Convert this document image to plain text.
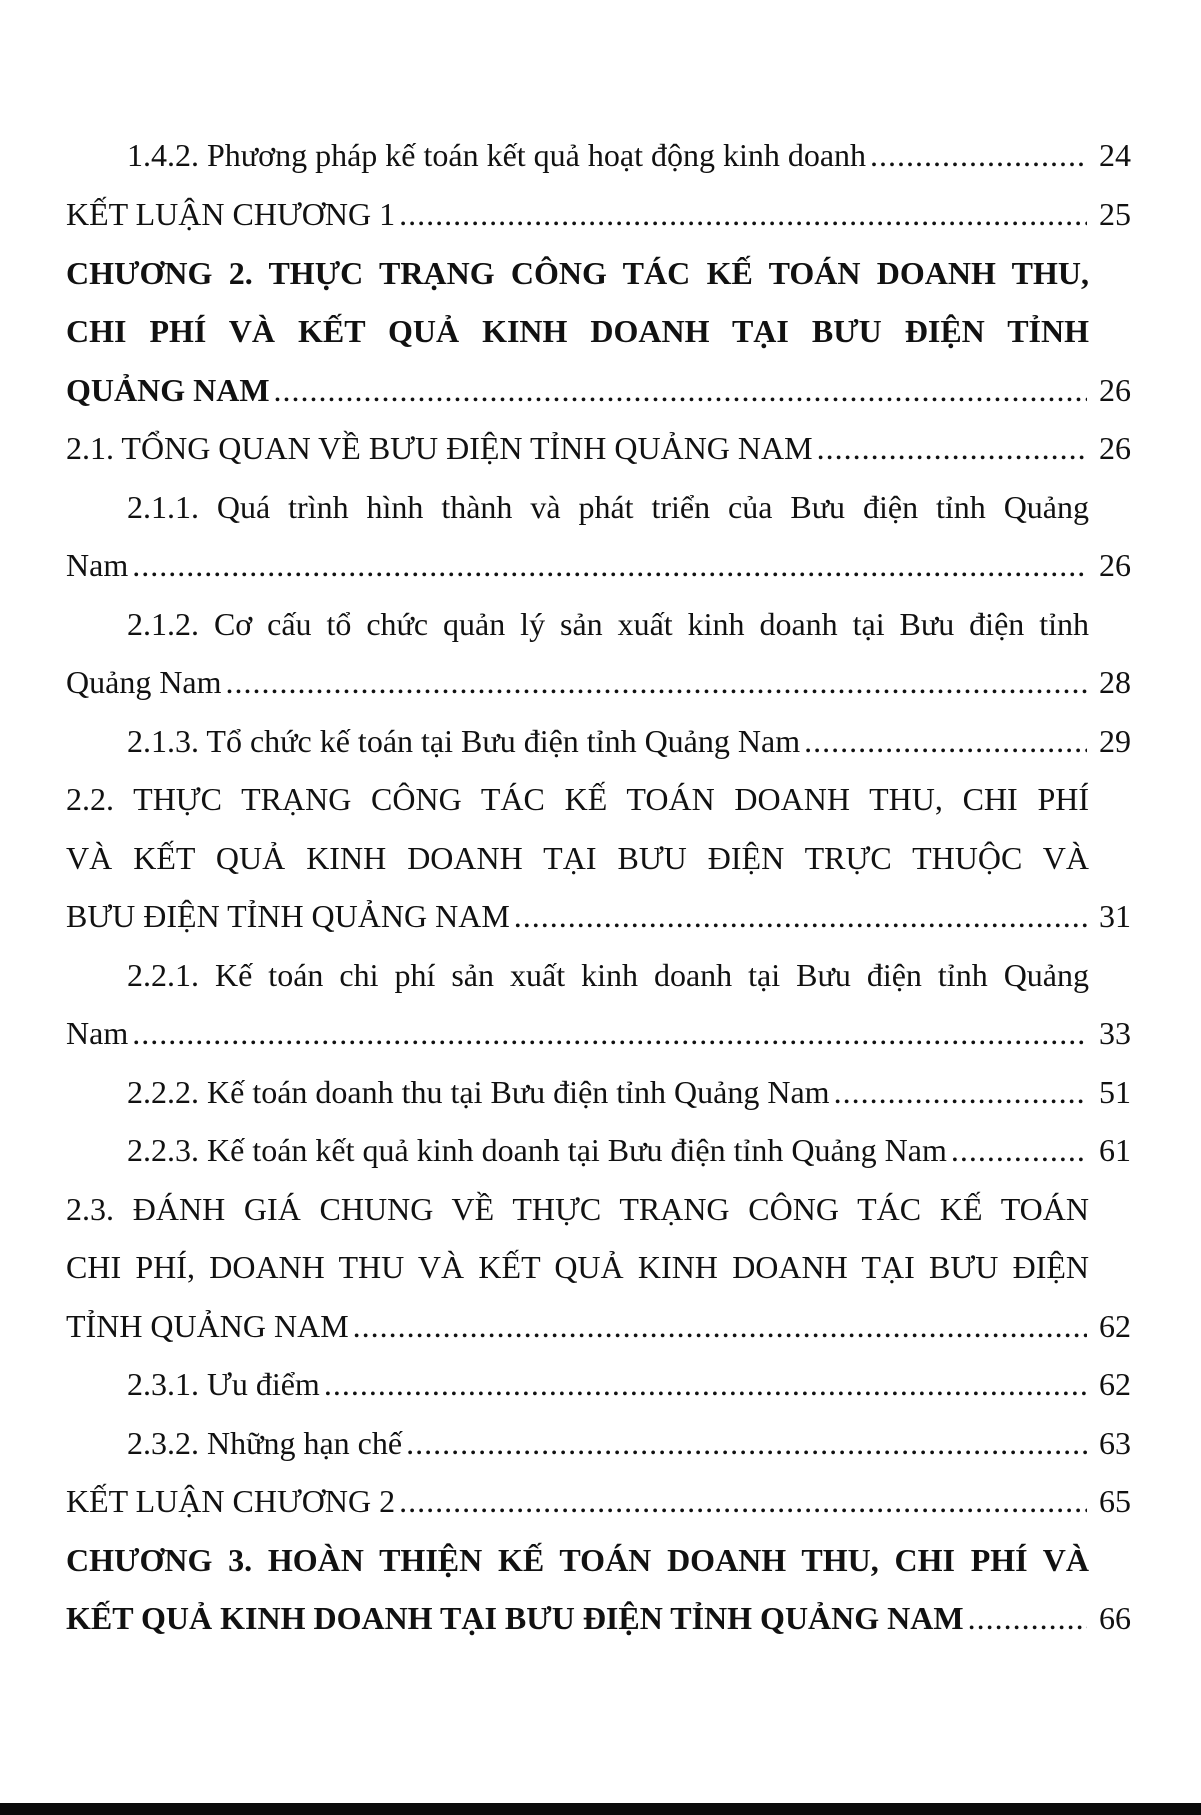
1.4.2. Phương pháp kế toán kết quả hoạt động kinh doanh .....	24
KẾT LUẬN CHƯƠNG 1 .....	25
CHƯƠNG 2. THỰC TRẠNG CÔNG TÁC KẾ TOÁN DOANH THU,
CHI PHÍ VÀ KẾT QUẢ KINH DOANH TẠI BƯU ĐIỆN TỈNH
QUẢNG NAM .....	26
2.1. TỔNG QUAN VỀ BƯU ĐIỆN TỈNH QUẢNG NAM .....	26
2.1.1. Quá trình hình thành và phát triển của Bưu điện tỉnh Quảng
Nam .....	26
2.1.2. Cơ cấu tổ chức quản lý sản xuất kinh doanh tại Bưu điện tỉnh
Quảng Nam .....	28
2.1.3. Tổ chức kế toán tại Bưu điện tỉnh Quảng Nam .....	29
2.2. THỰC TRẠNG CÔNG TÁC KẾ TOÁN DOANH THU, CHI PHÍ
VÀ KẾT QUẢ KINH DOANH TẠI BƯU ĐIỆN TRỰC THUỘC VÀ
BƯU ĐIỆN TỈNH QUẢNG NAM .....	31
2.2.1. Kế toán chi phí sản xuất kinh doanh tại Bưu điện tỉnh Quảng
Nam .....	33
2.2.2. Kế toán doanh thu tại Bưu điện tỉnh Quảng Nam .....	51
2.2.3. Kế toán kết quả kinh doanh tại Bưu điện tỉnh Quảng Nam .....	61
2.3. ĐÁNH GIÁ CHUNG VỀ THỰC TRẠNG CÔNG TÁC KẾ TOÁN
CHI PHÍ, DOANH THU VÀ KẾT QUẢ KINH DOANH TẠI BƯU ĐIỆN
TỈNH QUẢNG NAM .....	62
2.3.1. Ưu điểm .....	62
2.3.2. Những hạn chế .....	63
KẾT LUẬN CHƯƠNG 2 .....	65
CHƯƠNG 3. HOÀN THIỆN KẾ TOÁN DOANH THU, CHI PHÍ VÀ
KẾT QUẢ KINH DOANH TẠI BƯU ĐIỆN TỈNH QUẢNG NAM .....	66
